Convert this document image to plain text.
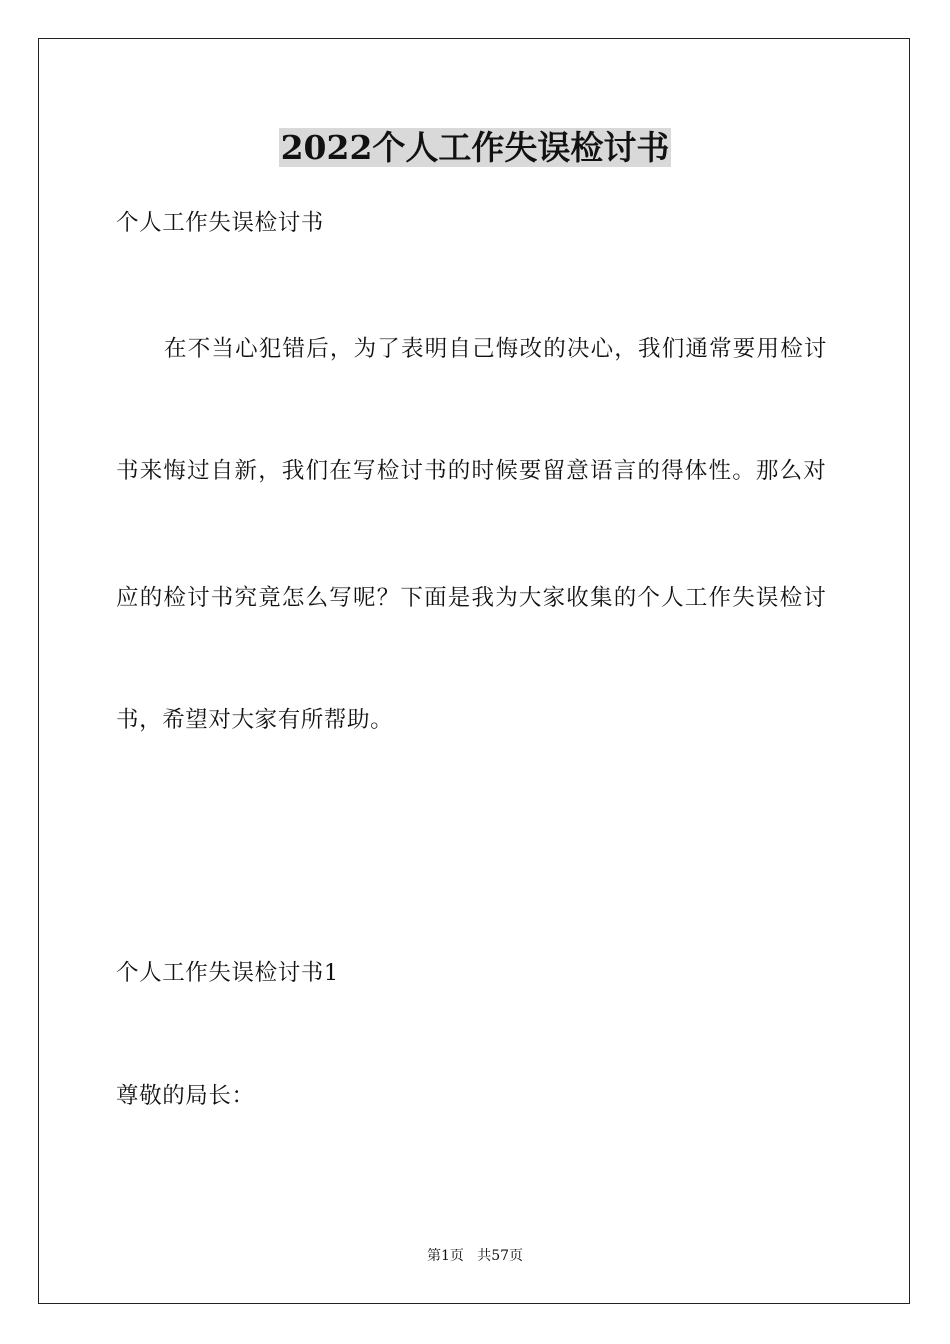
2022个人工作失误检讨书
个人工作失误检讨书
在不当心犯错后，为了表明自己悔改的决心，我们通常要用检讨
书来悔过自新，我们在写检讨书的时候要留意语言的得体性。那么对
应的检讨书究竟怎么写呢？下面是我为大家收集的个人工作失误检讨
书，希望对大家有所帮助。
个人工作失误检讨书1
尊敬的局长：
第1页   共57页
